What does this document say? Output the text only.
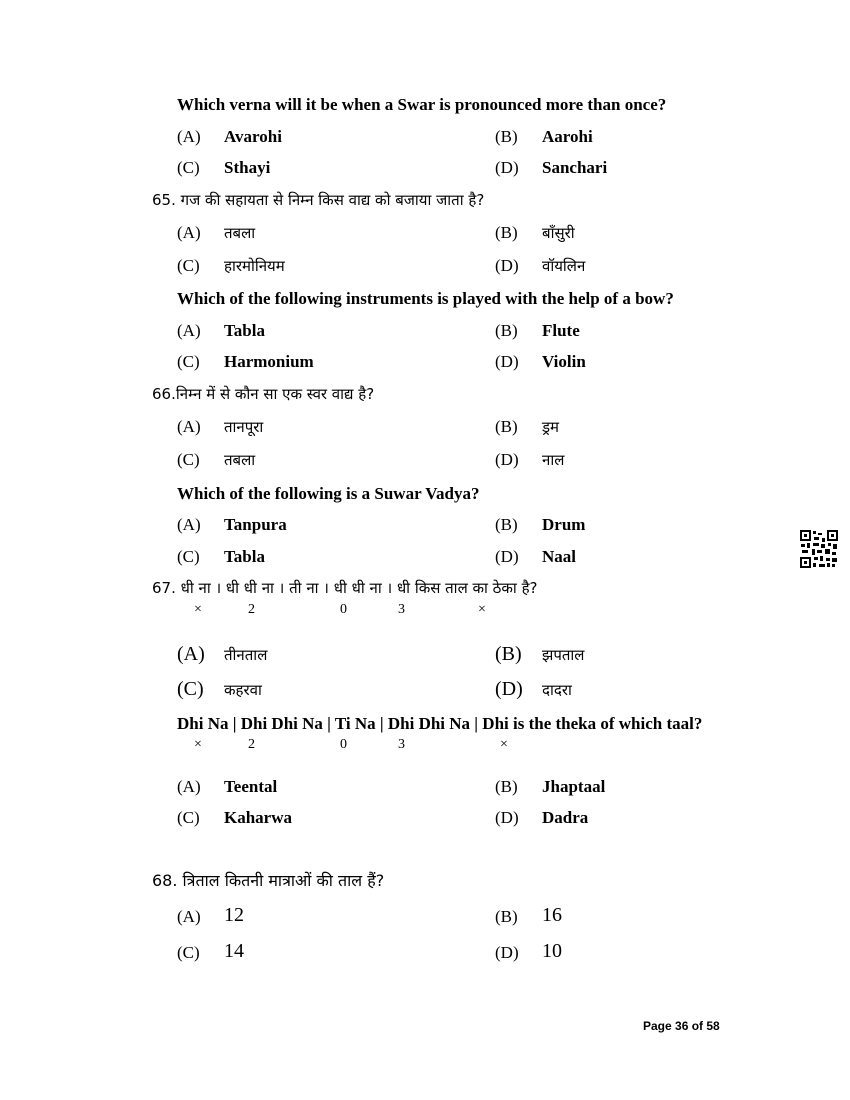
Which verna will it be when a Swar is pronounced more than once?
(A) Avarohi	(B) Aarohi
(C) Sthayi	(D) Sanchari
65. गज की सहायता से निम्न किस वाद्य को बजाया जाता है?
(A) तबला	(B) बाँसुरी
(C) हारमोनियम	(D) वॉयलिन
Which of the following instruments is played with the help of a bow?
(A) Tabla	(B) Flute
(C) Harmonium	(D) Violin
66.निम्न में से कौन सा एक स्वर वाद्य है?
(A) तानपूरा	(B) ड्रम
(C) तबला	(D) नाल
Which of the following is a Suwar Vadya?
(A) Tanpura	(B) Drum
(C) Tabla	(D) Naal
67. धी ना । धी धी ना । ती ना । धी धी ना । धी किस ताल का ठेका है?
×	2	0	3	×
(A) तीनताल	(B) झपताल
(C) कहरवा	(D) दादरा
Dhi Na | Dhi Dhi Na | Ti Na | Dhi Dhi Na | Dhi is the theka of which taal?
×	2	0	3	×
(A) Teental	(B) Jhaptaal
(C) Kaharwa	(D) Dadra
68. त्रिताल कितनी मात्राओं की ताल हैं?
(A) 12	(B) 16
(C) 14	(D) 10
Page 36 of 58
